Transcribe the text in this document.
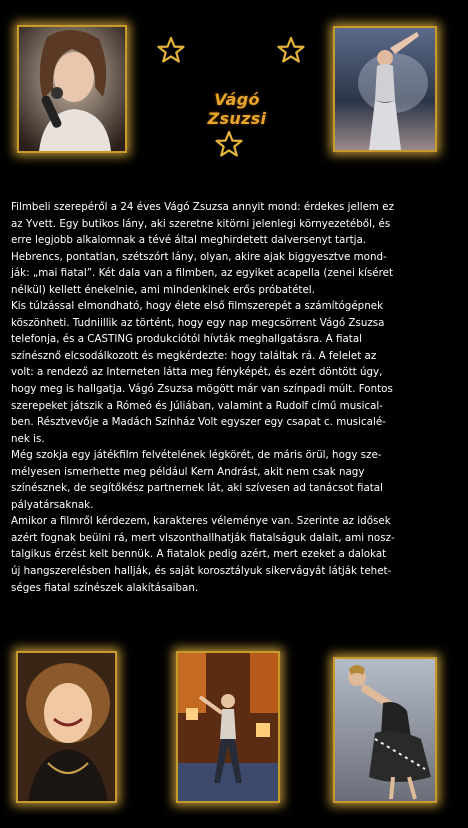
Vágó Zsuzsi

Filmbeli szerepéről a 24 éves Vágó Zsuzsa annyit mond: érdekes jellem ez

az Yvett. Egy butikos lány, aki szeretne kitörni jelenlegi környezetéből, és

erre legjobb alkalomnak a tévé által meghirdetett dalversenyt tartja.

Hebrencs, pontatlan, szétszórt lány, olyan, akire ajak biggyesztve mond-

ják: „mai fiatal”. Két dala van a filmben, az egyiket acapella (zenei kíséret

nélkül) kellett énekelnie, ami mindenkinek erős próbatétel.

Kis túlzással elmondható, hogy élete első filmszerepét a számítógépnek

köszönheti. Tudniillik az történt, hogy egy nap megcsörrent Vágó Zsuzsa

telefonja, és a CASTING produkciótól hívták meghallgatásra. A fiatal

színésznő elcsodálkozott és megkérdezte: hogy találtak rá. A felelet az

volt: a rendező az Interneten látta meg fényképét, és ezért döntött úgy,

hogy meg is hallgatja. Vágó Zsuzsa mögött már van színpadi múlt. Fontos

szerepeket játszik a Rómeó és Júliában, valamint a Rudolf című musical-

ben. Résztvevője a Madách Színház Volt egyszer egy csapat c. musicalé-

nek is.

Még szokja egy játékfilm felvételének légkörét, de máris örül, hogy sze-

mélyesen ismerhette meg például Kern Andrást, akit nem csak nagy

színésznek, de segítőkész partnernek lát, aki szívesen ad tanácsot fiatal

pályatársaknak.

Amikor a filmről kérdezem, karakteres véleménye van. Szerinte az idősek

azért fognak beülni rá, mert viszonthallhatják fiatalságuk dalait, ami nosz-

talgikus érzést kelt bennük. A fiatalok pedig azért, mert ezeket a dalokat

új hangszerelésben hallják, és saját korosztályuk sikervágyát látják tehet-

séges fiatal színészek alakításaiban.
